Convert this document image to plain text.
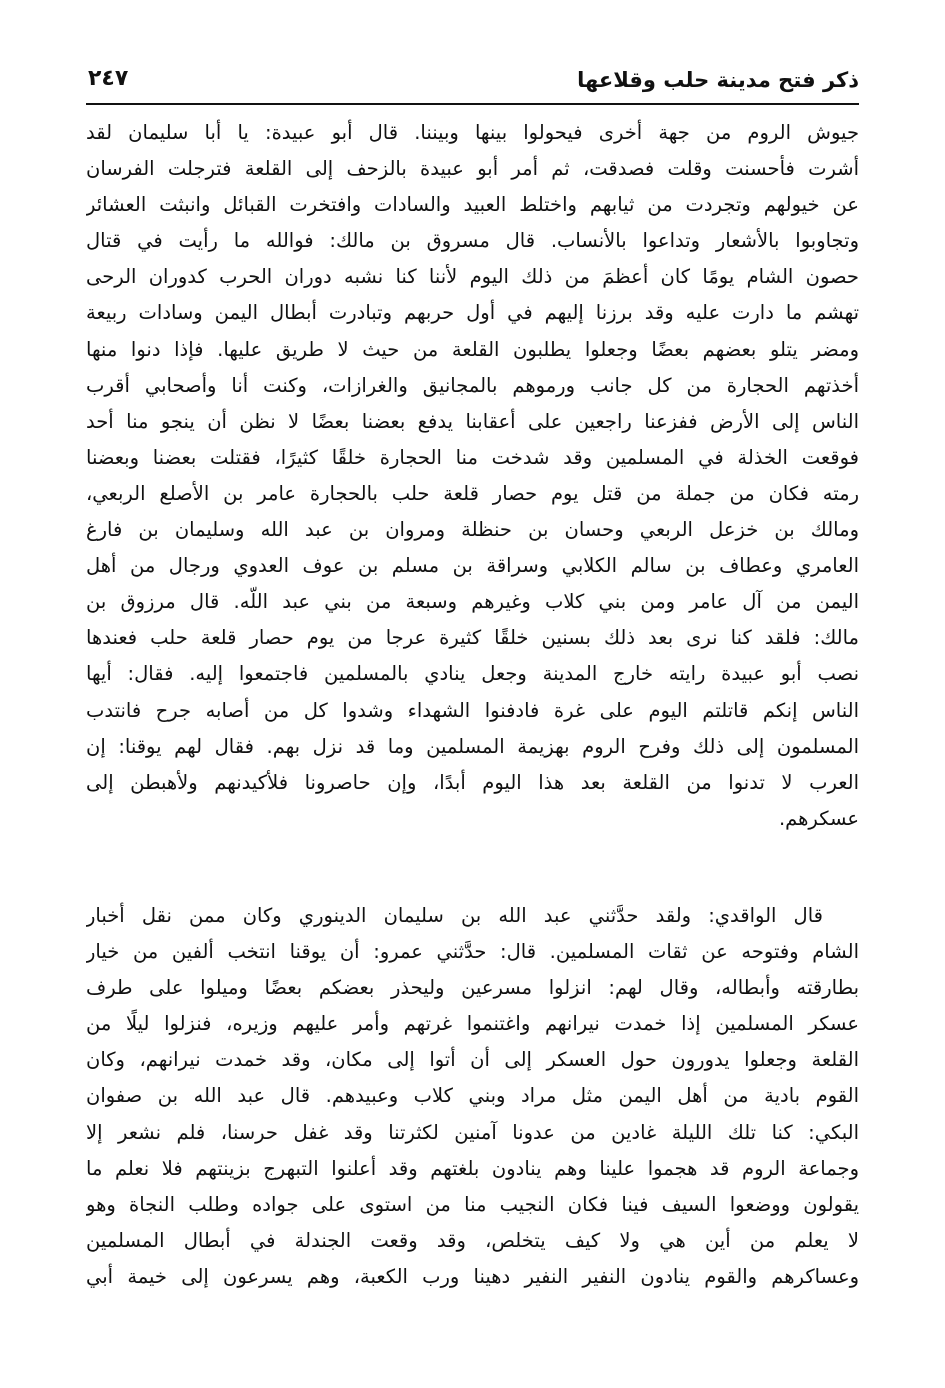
ذكر فتح مدينة حلب وقلاعها
٢٤٧
جيوش الروم من جهة أخرى فيحولوا بينها وبيننا. قال أبو عبيدة: يا أبا سليمان لقد
أشرت فأحسنت وقلت فصدقت، ثم أمر أبو عبيدة بالزحف إلى القلعة فترجلت الفرسان
عن خيولهم وتجردت من ثيابهم واختلط العبيد والسادات وافتخرت القبائل وانبثت العشائر
وتجاوبوا بالأشعار وتداعوا بالأنساب. قال مسروق بن مالك: فوالله ما رأيت في قتال
حصون الشام يومًا كان أعظمَ من ذلك اليوم لأننا كنا نشبه دوران الحرب كدوران الرحى
تهشم ما دارت عليه وقد برزنا إليهم في أول حربهم وتبادرت أبطال اليمن وسادات ربيعة
ومضر يتلو بعضهم بعضًا وجعلوا يطلبون القلعة من حيث لا طريق عليها. فإذا دنوا منها
أخذتهم الحجارة من كل جانب ورموهم بالمجانيق والغرازات، وكنت أنا وأصحابي أقرب
الناس إلى الأرض ففزعنا راجعين على أعقابنا يدفع بعضنا بعضًا لا نظن أن ينجو منا أحد
فوقعت الخذلة في المسلمين وقد شدخت منا الحجارة خلقًا كثيرًا، فقتلت بعضنا وبعضنا
رمته فكان من جملة من قتل يوم حصار قلعة حلب بالحجارة عامر بن الأصلع الربعي،
ومالك بن خزعل الربعي وحسان بن حنظلة ومروان بن عبد الله وسليمان بن فارغ
العامري وعطاف بن سالم الكلابي وسراقة بن مسلم بن عوف العدوي ورجال من أهل
اليمن من آل عامر ومن بني كلاب وغيرهم وسبعة من بني عبد اللّه. قال مرزوق بن
مالك: فلقد كنا نرى بعد ذلك بسنين خلقًا كثيرة عرجا من يوم حصار قلعة حلب فعندها
نصب أبو عبيدة رايته خارج المدينة وجعل ينادي بالمسلمين فاجتمعوا إليه. فقال: أيها
الناس إنكم قاتلتم اليوم على غرة فادفنوا الشهداء وشدوا كل من أصابه جرح فانتدب
المسلمون إلى ذلك وفرح الروم بهزيمة المسلمين وما قد نزل بهم. فقال لهم يوقنا: إن
العرب لا تدنوا من القلعة بعد هذا اليوم أبدًا، وإن حاصرونا فلأكيدنهم ولأهبطن إلى
عسكرهم.
قال الواقدي: ولقد حدَّثني عبد الله بن سليمان الدينوري وكان ممن نقل أخبار
الشام وفتوحه عن ثقات المسلمين. قال: حدَّثني عمرو: أن يوقنا انتخب ألفين من خيار
بطارقته وأبطاله، وقال لهم: انزلوا مسرعين وليحذر بعضكم بعضًا وميلوا على طرف
عسكر المسلمين إذا خمدت نيرانهم واغتنموا غرتهم وأمر عليهم وزيره، فنزلوا ليلًا من
القلعة وجعلوا يدورون حول العسكر إلى أن أتوا إلى مكان، وقد خمدت نيرانهم، وكان
القوم بادية من أهل اليمن مثل مراد وبني كلاب وعبيدهم. قال عبد الله بن صفوان
البكي: كنا تلك الليلة غادين من عدونا آمنين لكثرتنا وقد غفل حرسنا، فلم نشعر إلا
وجماعة الروم قد هجموا علينا وهم ينادون بلغتهم وقد أعلنوا التبهرج بزينتهم فلا نعلم ما
يقولون ووضعوا السيف فينا فكان النجيب منا من استوى على جواده وطلب النجاة وهو
لا يعلم من أين هي ولا كيف يتخلص، وقد وقعت الجندلة في أبطال المسلمين
وعساكرهم والقوم ينادون النفير النفير دهينا ورب الكعبة، وهم يسرعون إلى خيمة أبي
